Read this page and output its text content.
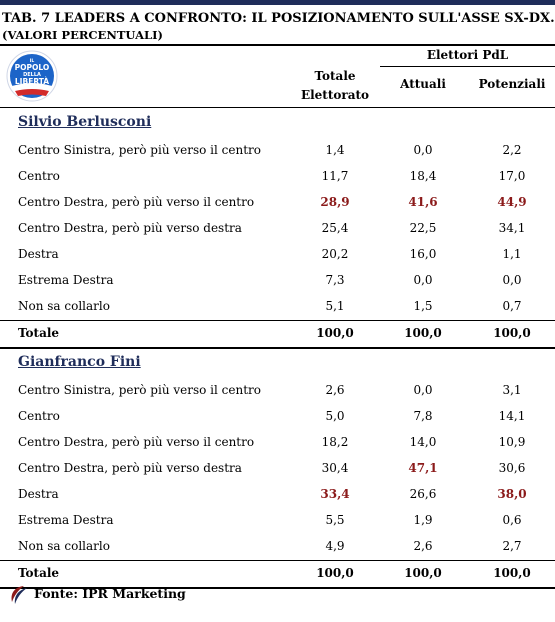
TAB. 7 LEADERS A CONFRONTO: IL POSIZIONAMENTO SULL'ASSE SX-DX.
(VALORI PERCENTUALI)
IL
POPOLO
DELLA
LIBERTÀ
Elettori PdL
Totale
Elettorato
Attuali	Potenziali
Silvio Berlusconi
Centro Sinistra, però più verso il centro	1,4	0,0	2,2
Centro	11,7	18,4	17,0
Centro Destra, però più verso il centro	28,9	41,6	44,9
Centro Destra, però più verso destra	25,4	22,5	34,1
Destra	20,2	16,0	1,1
Estrema Destra	7,3	0,0	0,0
Non sa collarlo	5,1	1,5	0,7
Totale	100,0	100,0	100,0
Gianfranco Fini
Centro Sinistra, però più verso il centro	2,6	0,0	3,1
Centro	5,0	7,8	14,1
Centro Destra, però più verso il centro	18,2	14,0	10,9
Centro Destra, però più verso destra	30,4	47,1	30,6
Destra	33,4	26,6	38,0
Estrema Destra	5,5	1,9	0,6
Non sa collarlo	4,9	2,6	2,7
Totale	100,0	100,0	100,0
Fonte: IPR Marketing
